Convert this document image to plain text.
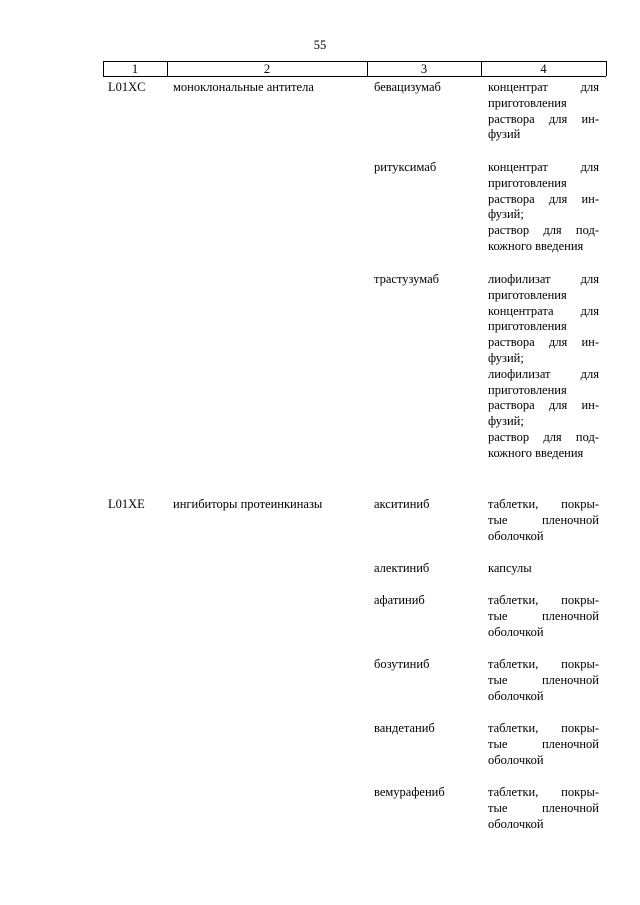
55
1	2	3	4
L01XC моноклональные антитела	бевацизумаб	концентрат для
приготовления
раствора для ин-
фузий
ритуксимаб	концентрат для
приготовления
раствора для ин-
фузий;
раствор для под-
кожного введения
трастузумаб	лиофилизат для
приготовления
концентрата для
приготовления
раствора для ин-
фузий;
лиофилизат для
приготовления
раствора для ин-
фузий;
раствор для под-
кожного введения
L01XE ингибиторы протеинкиназы	акситиниб	таблетки, покры-
тые пленочной
оболочкой
алектиниб	капсулы
афатиниб	таблетки, покры-
тые пленочной
оболочкой
бозутиниб	таблетки, покры-
тые пленочной
оболочкой
вандетаниб	таблетки, покры-
тые пленочной
оболочкой
вемурафениб	таблетки, покры-
тые пленочной
оболочкой
